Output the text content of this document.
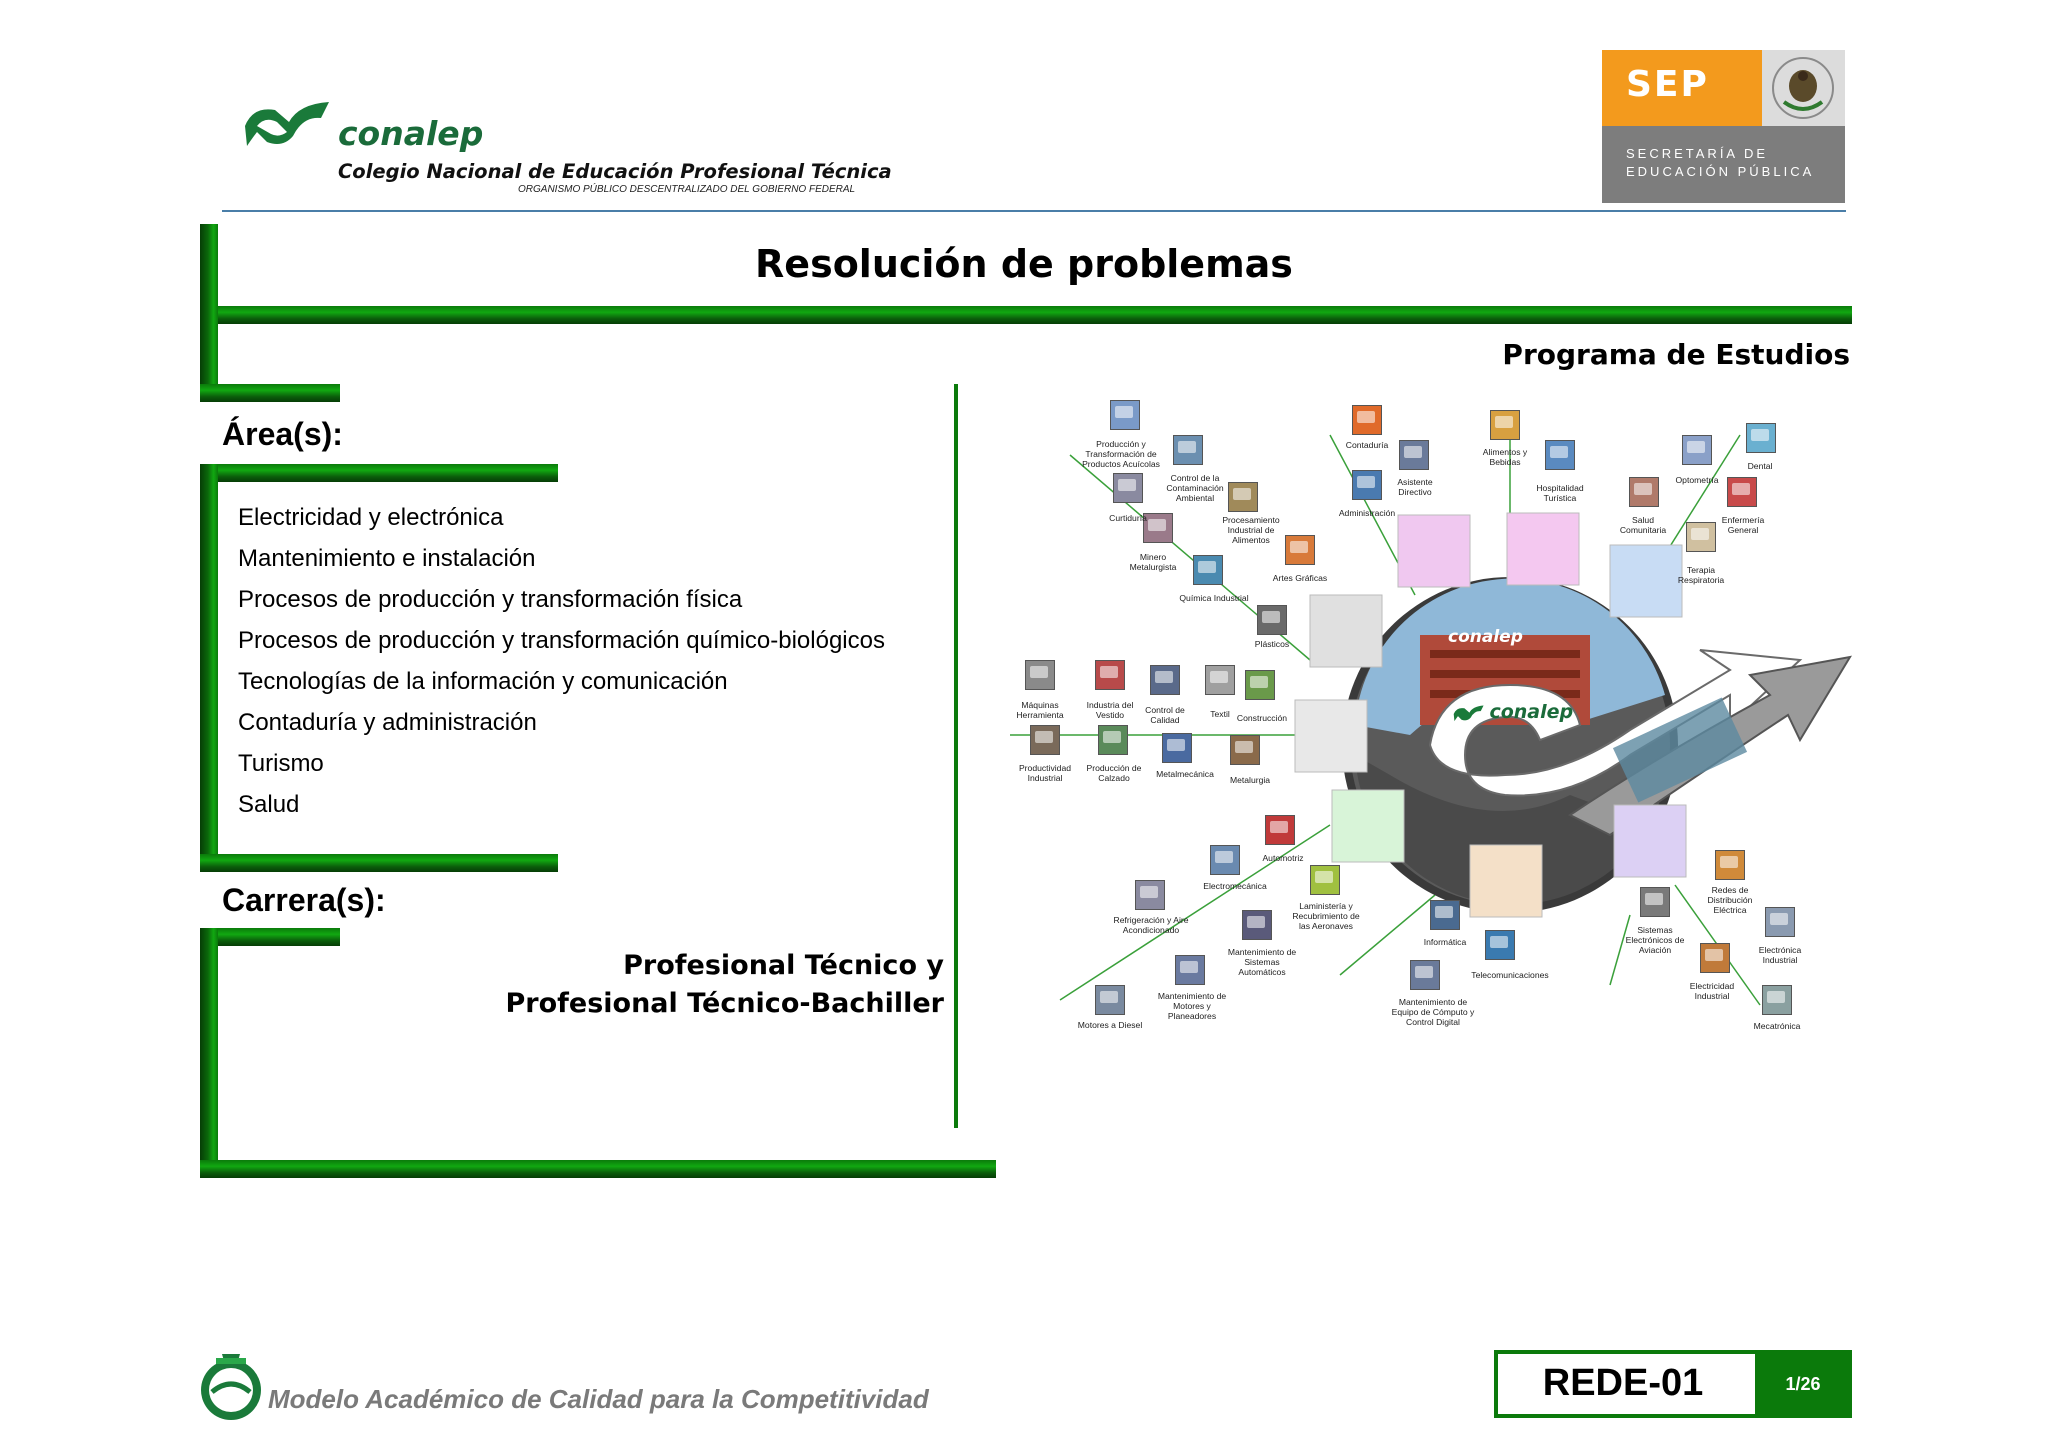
conalep
Colegio Nacional de Educación Profesional Técnica
ORGANISMO PÚBLICO DESCENTRALIZADO DEL GOBIERNO FEDERAL
SEP
SECRETARÍA DE
EDUCACIÓN PÚBLICA
Resolución de problemas
Programa de Estudios
Área(s):
Electricidad y electrónica
Mantenimiento e instalación
Procesos de producción y transformación física
Procesos de producción y transformación químico-biológicos
Tecnologías de la información y comunicación
Contaduría y administración
Turismo
Salud
Carrera(s):
Profesional Técnico y
Profesional Técnico-Bachiller
conalep
conalep
Producción y Transformación de Productos Acuícolas
Control de la Contaminación Ambiental
Curtiduría	Procesamiento Industrial de Alimentos
Minero Metalurgista
Artes Gráficas
Química Industrial
Plásticos
Contaduría
Asistente Directivo
Administración
Alimentos y Bebidas
Hospitalidad Turística
Optometría
Dental
Salud Comunitaria
Enfermería General
Terapia Respiratoria
Máquinas Herramienta
Industria del Vestido	Control de Calidad
Textil Construcción
Productividad Industrial
Producción de Calzado	Metalmecánica
Metalurgia
Automotriz
Electromecánica
Refrigeración y Aire Acondicionado
Laministería y Recubrimiento de las Aeronaves
Mantenimiento de Sistemas Automáticos
Mantenimiento de Motores y Planeadores
Motores a Diesel
Informática
Telecomunicaciones
Mantenimiento de Equipo de Cómputo y Control Digital
Redes de Distribución Eléctrica
Sistemas Electrónicos de Aviación	Electrónica Industrial
Electricidad Industrial
Mecatrónica
Modelo Académico de Calidad para la Competitividad	REDE-01	1/26
